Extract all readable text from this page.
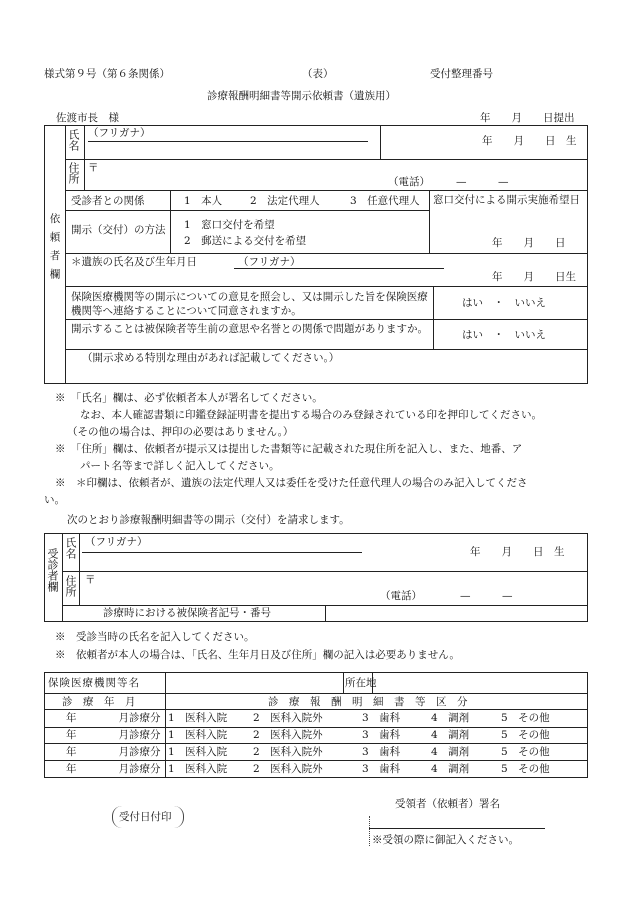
様式第９号（第６条関係）	（表）	受付整理番号
診療報酬明細書等開示依頼書（遺族用）
佐渡市長　様	年　　月　　日提出
依頼者欄
氏名 （フリガナ）
年　　月　　日　生
住所 〒
（電話） —　　　—
受診者との関係	1　本人	2　法定代理人	3　任意代理人 窓口交付による開示実施希望日
年　　月　　日
開示（交付）の方法 1　窓口交付を希望
2　郵送による交付を希望
＊遺族の氏名及び生年月日	（フリガナ）
年　　月　　日生
保険医療機関等の開示についての意見を照会し、又は開示した旨を保険医療機関等へ連絡することについて同意されますか。
はい　・　いいえ
開示することは被保険者等生前の意思や名誉との関係で問題がありますか。	はい　・　いいえ
（開示求める特別な理由があれば記載してください。）
※　「氏名」欄は、必ず依頼者本人が署名してください。
なお、本人確認書類に印鑑登録証明書を提出する場合のみ登録されている印を押印してください。
（その他の場合は、押印の必要はありません。）
※　「住所」欄は、依頼者が提示又は提出した書類等に記載された現住所を記入し、また、地番、ア
パート名等まで詳しく記入してください。
※　＊印欄は、依頼者が、遺族の法定代理人又は委任を受けた任意代理人の場合のみ記入してくださ
い。
次のとおり診療報酬明細書等の開示（交付）を請求します。
受診者欄 氏名 （フリガナ）
年　　月　　日　生
住所 〒
（電話）	—　　　—
診療時における被保険者記号・番号
※　受診当時の氏名を記入してください。
※　依頼者が本人の場合は、「氏名、生年月日及び住所」欄の記入は必要ありません。
保険医療機関等名	所在地
診　療　年　月	診　療　報　酬　明　細　書　等　区　分
年　　　　月診療分 1　医科入院 2　医科入院外	3　歯科	4　調剤	5　その他
年　　　　月診療分 1　医科入院 2　医科入院外	3　歯科	4　調剤	5　その他
年　　　　月診療分 1　医科入院 2　医科入院外	3　歯科	4　調剤	5　その他
年　　　　月診療分 1　医科入院 2　医科入院外	3　歯科	4　調剤	5　その他
受付日付印
受領者（依頼者）署名
※受領の際に御記入ください。
